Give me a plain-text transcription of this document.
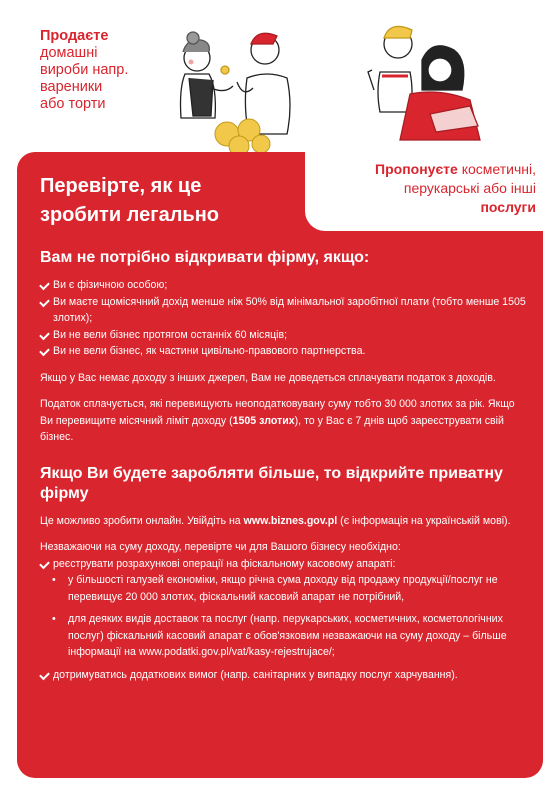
Продаєте
домашні
вироби напр.
вареники
або торти
Пропонуєте косметичні,
перукарські або інші
послуги
Перевірте, як це
зробити легально
Вам не потрібно відкривати фірму, якщо:
Ви є фізичною особою;
Ви маєте щомісячний дохід менше ніж 50% від мінімальної заробітної плати (тобто менше 1505 злотих);
Ви не вели бізнес протягом останніх 60 місяців;
Ви не вели бізнес, як частини цивільно-правового партнерства.

Якщо у Вас немає доходу з інших джерел, Вам не доведеться сплачувати податок з доходів.

Податок сплачується, які перевищують неоподатковувану суму тобто 30 000 злотих за рік. Якщо Ви перевищите місячний ліміт доходу (1505 злотих), то у Вас є 7 днів щоб зареєструвати свій бізнес.

Якщо Ви будете заробляти більше, то відкрийте приватну фірму

Це можливо зробити онлайн. Увійдіть на www.biznes.gov.pl (є інформація на українській мові).

Незважаючи на суму доходу, перевірте чи для Вашого бізнесу необхідно:

реєструвати розрахункові операції на фіскальному касовому апараті:
• у більшості галузей економіки, якщо річна сума доходу від продажу продукції/послуг не перевищує 20 000 злотих, фіскальний касовий апарат не потрібний,
• для деяких видів доставок та послуг (напр. перукарських, косметичних, косметологічних послуг) фіскальний касовий апарат є обов'язковим незважаючи на суму доходу – більше інформації на www.podatki.gov.pl/vat/kasy-rejestrujace/;
дотримуватись додаткових вимог (напр. санітарних у випадку послуг харчування).
